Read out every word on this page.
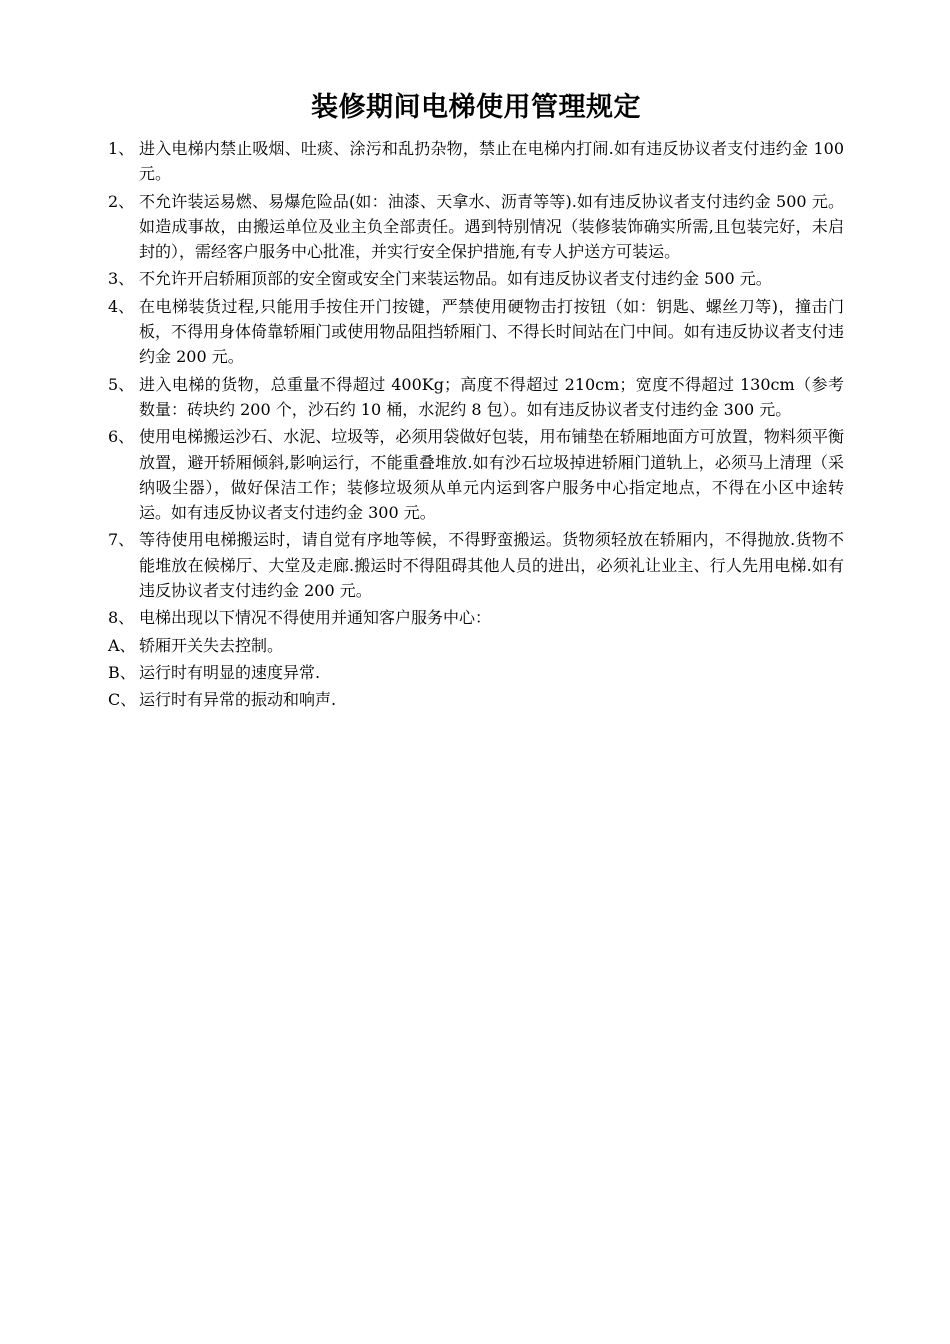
装修期间电梯使用管理规定
1、 进入电梯内禁止吸烟、吐痰、涂污和乱扔杂物，禁止在电梯内打闹.如有违反协议者支付违约金 100 元。
2、 不允许装运易燃、易爆危险品(如：油漆、天拿水、沥青等等).如有违反协议者支付违约金 500 元。如造成事故，由搬运单位及业主负全部责任。遇到特别情况（装修装饰确实所需,且包装完好，未启封的），需经客户服务中心批准，并实行安全保护措施,有专人护送方可装运。
3、 不允许开启轿厢顶部的安全窗或安全门来装运物品。如有违反协议者支付违约金 500 元。
4、 在电梯装货过程,只能用手按住开门按键，严禁使用硬物击打按钮（如：钥匙、螺丝刀等)，撞击门板，不得用身体倚靠轿厢门或使用物品阻挡轿厢门、不得长时间站在门中间。如有违反协议者支付违约金 200 元。
5、 进入电梯的货物，总重量不得超过 400Kg；高度不得超过 210cm；宽度不得超过 130cm（参考数量：砖块约 200 个，沙石约 10 桶，水泥约 8 包）。如有违反协议者支付违约金 300 元。
6、 使用电梯搬运沙石、水泥、垃圾等，必须用袋做好包装，用布铺垫在轿厢地面方可放置，物料须平衡放置，避开轿厢倾斜,影响运行，不能重叠堆放.如有沙石垃圾掉进轿厢门道轨上，必须马上清理（采纳吸尘器），做好保洁工作；装修垃圾须从单元内运到客户服务中心指定地点，不得在小区中途转运。如有违反协议者支付违约金 300 元。
7、 等待使用电梯搬运时，请自觉有序地等候，不得野蛮搬运。货物须轻放在轿厢内，不得抛放.货物不能堆放在候梯厅、大堂及走廊.搬运时不得阻碍其他人员的进出，必须礼让业主、行人先用电梯.如有违反协议者支付违约金 200 元。
8、 电梯出现以下情况不得使用并通知客户服务中心：
A、 轿厢开关失去控制。
B、 运行时有明显的速度异常.
C、 运行时有异常的振动和响声.
